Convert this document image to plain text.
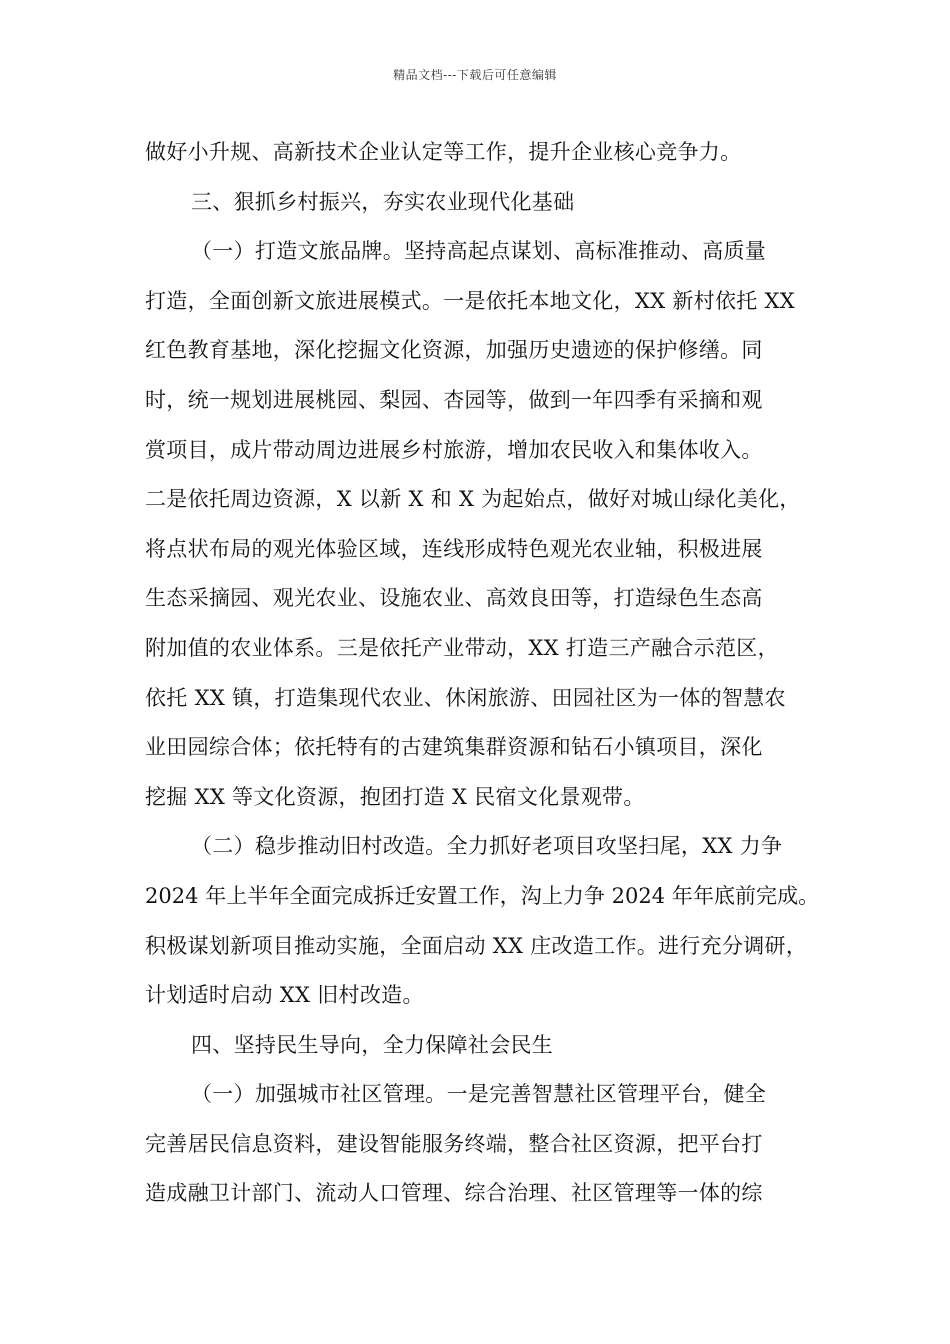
精品文档---下载后可任意编辑
做好小升规、高新技术企业认定等工作，提升企业核心竞争力。
三、狠抓乡村振兴，夯实农业现代化基础
（一）打造文旅品牌。坚持高起点谋划、高标准推动、高质量
打造，全面创新文旅进展模式。一是依托本地文化，XX 新村依托 XX
红色教育基地，深化挖掘文化资源，加强历史遗迹的保护修缮。同
时，统一规划进展桃园、梨园、杏园等，做到一年四季有采摘和观
赏项目，成片带动周边进展乡村旅游，增加农民收入和集体收入。
二是依托周边资源，X 以新 X 和 X 为起始点，做好对城山绿化美化，
将点状布局的观光体验区域，连线形成特色观光农业轴，积极进展
生态采摘园、观光农业、设施农业、高效良田等，打造绿色生态高
附加值的农业体系。三是依托产业带动，XX 打造三产融合示范区，
依托 XX 镇，打造集现代农业、休闲旅游、田园社区为一体的智慧农
业田园综合体；依托特有的古建筑集群资源和钻石小镇项目，深化
挖掘 XX 等文化资源，抱团打造 X 民宿文化景观带。
（二）稳步推动旧村改造。全力抓好老项目攻坚扫尾，XX 力争
2024 年上半年全面完成拆迁安置工作，沟上力争 2024 年年底前完成。
积极谋划新项目推动实施，全面启动 XX 庄改造工作。进行充分调研，
计划适时启动 XX 旧村改造。
四、坚持民生导向，全力保障社会民生
（一）加强城市社区管理。一是完善智慧社区管理平台，健全
完善居民信息资料，建设智能服务终端，整合社区资源，把平台打
造成融卫计部门、流动人口管理、综合治理、社区管理等一体的综
